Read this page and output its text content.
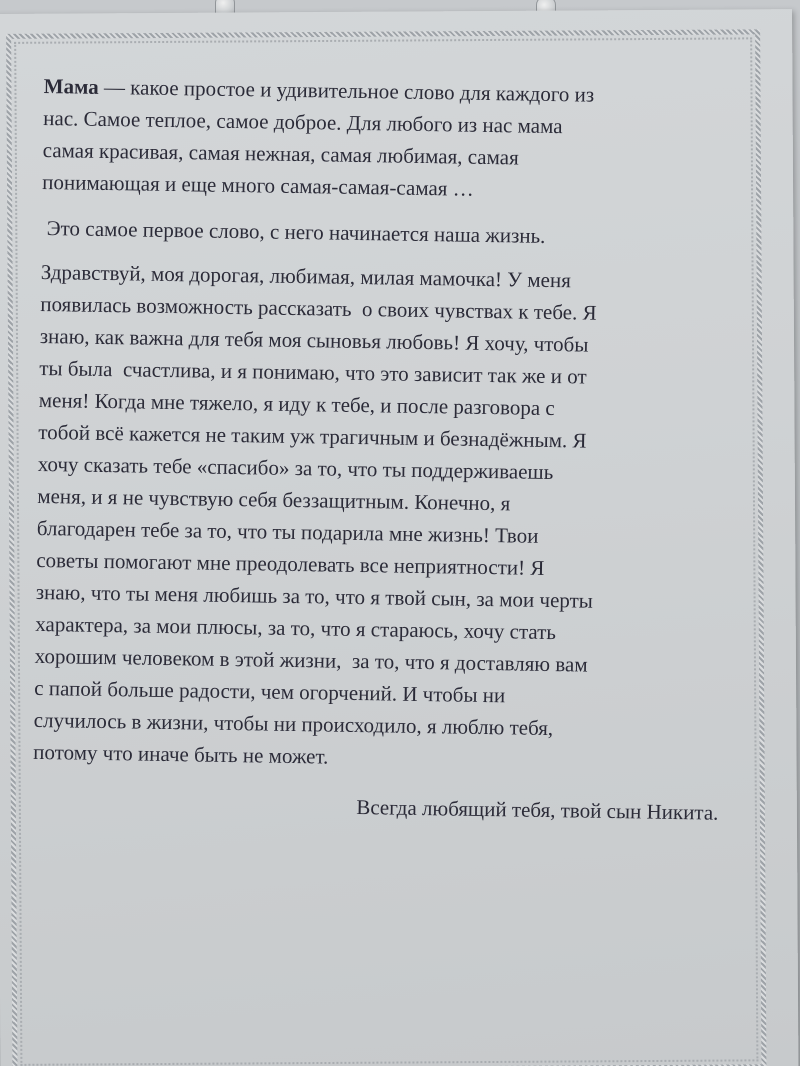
Мама — какое простое и удивительное слово для каждого из
нас. Самое теплое, самое доброе. Для любого из нас мама
самая красивая, самая нежная, самая любимая, самая
понимающая и еще много самая-самая-самая …
Это самое первое слово, с него начинается наша жизнь.
Здравствуй, моя дорогая, любимая, милая мамочка! У меня
появилась возможность рассказать  о своих чувствах к тебе. Я
знаю, как важна для тебя моя сыновья любовь! Я хочу, чтобы
ты была  счастлива, и я понимаю, что это зависит так же и от
меня! Когда мне тяжело, я иду к тебе, и после разговора с
тобой всё кажется не таким уж трагичным и безнадёжным. Я
хочу сказать тебе «спасибо» за то, что ты поддерживаешь
меня, и я не чувствую себя беззащитным. Конечно, я
благодарен тебе за то, что ты подарила мне жизнь! Твои
советы помогают мне преодолевать все неприятности! Я
знаю, что ты меня любишь за то, что я твой сын, за мои черты
характера, за мои плюсы, за то, что я стараюсь, хочу стать
хорошим человеком в этой жизни,  за то, что я доставляю вам
с папой больше радости, чем огорчений. И чтобы ни
случилось в жизни, чтобы ни происходило, я люблю тебя,
потому что иначе быть не может.
Всегда любящий тебя, твой сын Никита.
